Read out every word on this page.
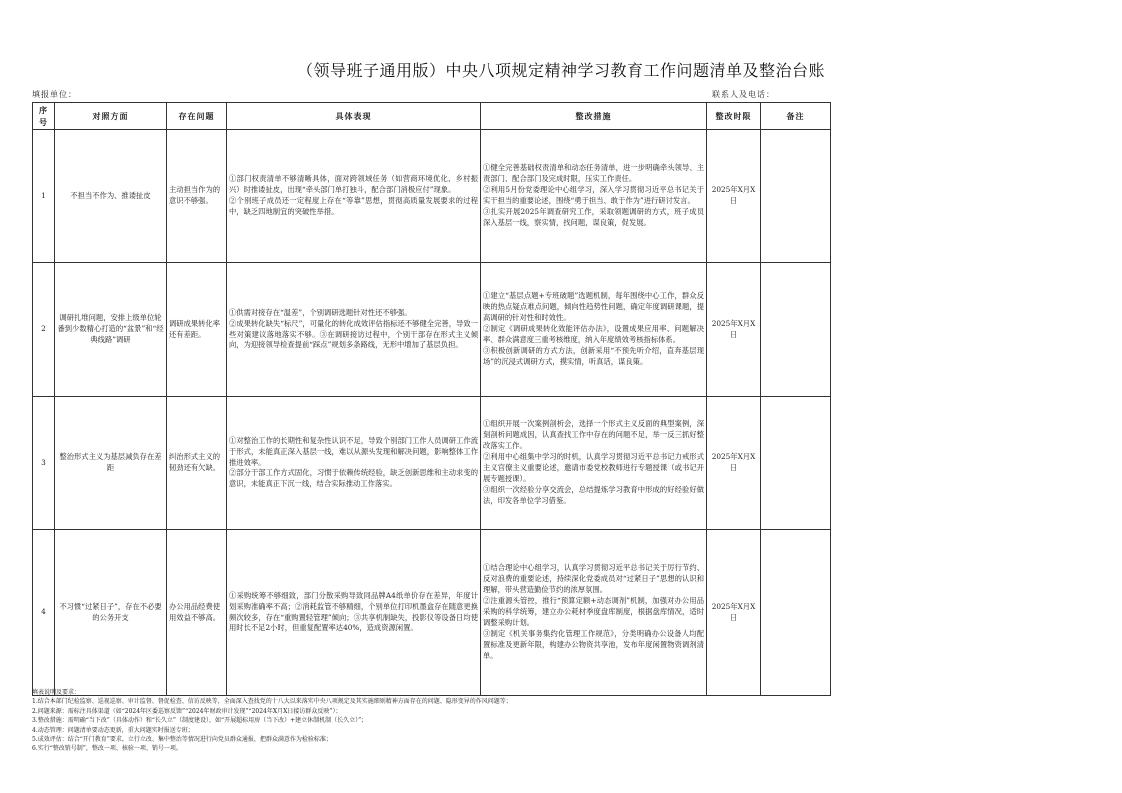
（领导班子通用版）中央八项规定精神学习教育工作问题清单及整治台账
填报单位：	联系人及电话：
序号	对照方面	存在问题	具体表现	整改措施	整改时限	备注
1	不担当不作为、推诿扯皮	主动担当作为的意识不够强。	①部门权责清单不够清晰具体，面对跨领域任务（如营商环境优化、乡村振兴）时推诿扯皮，出现“牵头部门单打独斗，配合部门消极应付”现象。
②个别班子成员还一定程度上存在“等靠”思想，贯彻高质量发展要求的过程中，缺乏四地制宜的突破性举措。	①健全完善基础权责清单和动态任务清单，进一步明确牵头领导、主责部门、配合部门及完成时限，压实工作责任。
②利用5月份党委理论中心组学习，深入学习贯彻习近平总书记关于实干担当的重要论述，围绕“勇于担当、敢于作为”进行研讨发言。
③扎实开展2025年调查研究工作，采取领题调研的方式，班子成员深入基层一线，察实情，找问题，谋良策，促发展。	2025年X月X日	
2	调研扎堆问题，安排上级单位轮番到少数精心打造的“盆景”和“经典线路”调研	调研成果转化率还有差距。	①供需对接存在“温差”，个别调研选题针对性还不够强。
②成果转化缺失“标尺”，可量化的转化成效评估指标还不够健全完善，导致一些对策建议落地落实不够。③在调研接访过程中，个别干部存在形式主义倾向，为迎接领导检查提前“踩点”规划多条路线，无形中增加了基层负担。	①建立“基层点题+专班破题”选题机制，每年围绕中心工作，群众反映的热点疑点难点问题，倾向性趋势性问题，确定年度调研课题，提高调研的针对性和时效性。
②制定《调研成果转化效能评估办法》，设置成果应用率、问题解决率、群众满意度三重考核维度，纳入年度绩效考核指标体系。
③积极创新调研的方式方法，创新采用“不预先听介绍，直奔基层现场”的沉浸式调研方式，摸实情，听真话，谋良策。	2025年X月X日	
3	整治形式主义为基层减负存在差距	纠治形式主义的韧劲还有欠缺。	①对整治工作的长期性和复杂性认识不足，导致个别部门工作人员调研工作流于形式，未能真正深入基层一线，难以从源头发现和解决问题，影响整体工作推进效率。
②部分干部工作方式固化，习惯于依赖传统经验，缺乏创新思维和主动求变的意识，未能真正下沉一线，结合实际推动工作落实。	①组织开展一次案例剖析会，选择一个形式主义反面的典型案例，深刻剖析问题成因，认真查找工作中存在的问题不足，举一反三抓好整改落实工作。
②利用中心组集中学习的时机，认真学习贯彻习近平总书记力戒形式主义官僚主义重要论述，邀请市委党校教师进行专题授课（或书记开展专题授课）。
③组织一次经验分享交流会，总结提炼学习教育中形成的好经验好做法，印发各单位学习借鉴。	2025年X月X日	
4	不习惯“过紧日子”，存在不必要的公务开支	办公用品经费使用效益不够高。	①采购统筹不够细致，部门分散采购导致同品牌A4纸单价存在差异，年度计划采购准确率不高；②消耗监管不够精细，个别单位打印机墨盒存在随意更换频次较多，存在“重购置轻管理”倾向；③共享机制缺失，投影仪等设备日均使用时长不足2小时，但重复配置率达40%，造成资源闲置。	①结合理论中心组学习，认真学习贯彻习近平总书记关于厉行节约、反对浪费的重要论述，持续深化党委成员对“过紧日子”思想的认识和理解，带头营造勤俭节约的浓厚氛围。
②注重源头管控，推行“预算定额+动态调剂”机制，加强对办公用品采购的科学统筹，建立办公耗材季度盘库制度，根据盘库情况，适时调整采购计划。
③制定《机关事务集约化管理工作规范》，分类明确办公设备人均配置标准及更新年限，构建办公物资共享池，发布年度闲置物资调剂清单。	2025年X月X日	
填表说明及要求：
1.结合本部门纪检监察、巡视巡察、审计监督、督促检查、信访反映等，全面深入查找党的十八大以来落实中央八项规定及其实施细则精神方面存在的问题、隐形变异的作风问题等；
2.问题来源：需标注具体渠道（如“2024年区委巡察反馈”“2024年财政审计发现”“2024年X月X日接访群众反映”）；
3.整改措施：需明确“当下改”（具体动作）和“长久立”（制度建设），如“开展超标用房（当下改）+建立休制机制（长久立）”；
4.动态管理：问题清单要动态更新，重大问题实时报送专班；
5.成效评估：结合“开门教育”要求，立行立改、集中整治等情况进行向党员群众通报，把群众满意作为检验标准；
6.实行“整改销号制”，整改一项、核验一项、销号一项。
